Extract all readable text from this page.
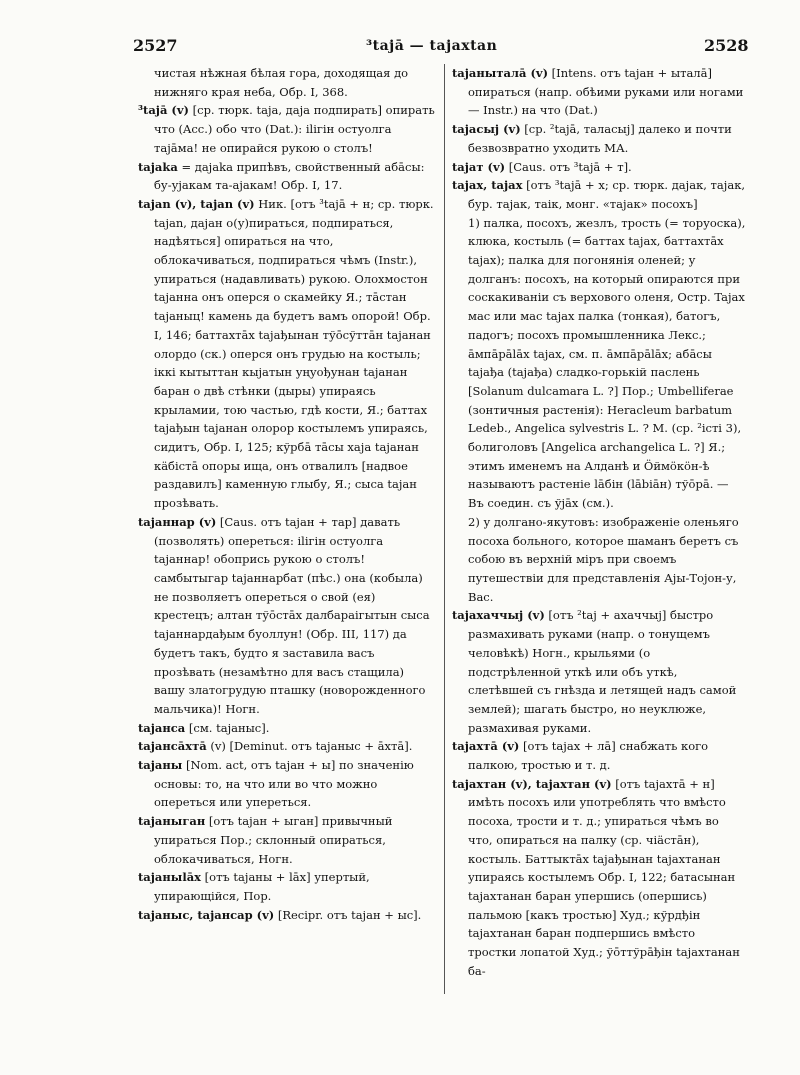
2527	³tajā — tajaxtan	2528

чистая нѣжная бѣлая гора, доходящая до нижняго края неба, Обр. I, 368.

³tajā (v) [ср. тюрк. taja, даjа подпирать] опирать что (Acc.) обо что (Dat.): iliгiн остуолга тajāма! не опирайся рукою о столъ!

tajaka = дajaka припѣвъ, свойственный абāсы: бу-уjакам та-аjакам! Обр. I, 17.

tajan (v), tajan (v) Ник. [отъ ³tajā + н; ср. тюрк. tajan, даjан о(у)пираться, подпираться, надѣяться] опираться на что, облокачиваться, подпираться чѣмъ (Instr.), упираться (надавливать) рукою. Олохмостон tajанна онъ оперся о скамейку Я.; тāстан tajаныц! камень да будетъ вамъ опорой! Обр. I, 146; баттахтāх tajaђынан тўōсўттāн tajанан олордо (ск.) оперся онъ грудью на костыль; iккi кытыттан кыjатын уңуођунан tajанан баран о двѣ стѣнки (дыры) упираясь крыламии, тою частью, гдѣ кости, Я.; баттах tajaђын tajанан олорор костылемъ упираясь, сидитъ, Обр. I, 125; кўрбā тāсы хаjа tajанан кäбiстā опоры ища, онъ отвалилъ [надвое раздавилъ] каменную глыбу, Я.; сыса tajан прозѣвать.

tajаннар (v) [Caus. отъ tajан + тар] давать (позволять) опереться: iliгiн остуолга tajаннар! обопрись рукою о столъ! самбытыгар tajаннарбат (пѣс.) она (кобыла) не позволяетъ опереться о свой (ея) крестецъ; алтан тўōстāх далбараiгытын сыса tajаннардађым буоллун! (Обр. III, 117) да будетъ такъ, будто я заставила васъ прозѣвать (незамѣтно для васъ стащила) вашу златогрудую пташку (новорожденного мальчика)! Ногн.

tajанса [см. tajаныс].

tajансāхтā (v) [Deminut. отъ tajаныс + āхтā].

tajаны [Nom. act, отъ tajан + ы] по значенію основы: то, на что или во что можно опереться или упереться.

tajаныган [отъ tajан + ыган] привычный упираться Пор.; склонный опираться, облокачиваться, Ногн.

tajаныlāх [отъ tajаны + lāх] упертый, упирающійся, Пор.

tajаныс, tajансар (v) [Recipr. отъ tajан + ыс].

tajаныталā (v) [Intens. отъ tajан + ыталā] опираться (напр. обѣими руками или ногами — Instr.) на что (Dat.)

tajaсыj (v) [ср. ²tajā, таласыj] далеко и почти безвозвратно уходить МА.

tajат (v) [Caus. отъ ³tajā + т].

tajах, tajах [отъ ³tajā + х; ср. тюрк. даjак, таjак, бур. таjак, таiк, монг. «таjак» посохъ]

1) палка, посохъ, жезлъ, трость (= торуоска), клюка, костыль (= баттах tajах, баттахтāх tajах); палка для погонянія оленей; у долганъ: посохъ, на который опираются при соскакиваніи съ верхового оленя, Остр. Tajах мас или мас tajах палка (тонкая), батогъ, падогъ; посохъ промышленника Лекс.; āмпāрālāх tajах, см. п. āмпāрālāх; абāсы tajађа (tajађа) сладко-горькій паслень [Solanum dulcamara L. ?] Пор.; Umbelliferae (зонтичныя растенія): Heracleum barbatum Ledeb., Angelica sylvestris L. ? М. (ср. ²iстi 3), болиголовъ [Angelica archangelica L. ?] Я.; этимъ именемъ на Алданѣ и Öймöкöн-ѣ называютъ растеніе lāбiн (lābiāн) тўōрā. — Въ соедин. съ ўjāх (см.).

2) у долгано-якутовъ: изображеніе оленьяго посоха больного, которое шаманъ беретъ съ собою въ верхній міръ при своемъ путешествіи для представленія Аjы-Тоjон-у, Вас.

tajахаччыj (v) [отъ ²taj + ахаччыj] быстро размахивать руками (напр. о тонущемъ человѣкѣ) Ногн., крыльями (о подстрѣленной уткѣ или объ уткѣ, слетѣвшей съ гнѣзда и летящей надъ самой землей); шагать быстро, но неуклюже, размахивая руками.

tajахтā (v) [отъ tajах + лā] снабжать кого палкою, тростью и т. д.

tajахтан (v), tajахтан (v) [отъ tajахтā + н] имѣть посохъ или употреблять что вмѣсто посоха, трости и т. д.; упираться чѣмъ во что, опираться на палку (ср. чiäстāн), костыль. Баттыктāх tajађынан tajахтанан упираясь костылемъ Обр. I, 122; батасынан tajахтанан баран упершись (опершись) пальмою [какъ тростью] Худ.; кўрдђiн tajахтанан баран подпершись вмѣсто тростки лопатой Худ.; ўōттўрāђiн tajахтанан ба-
